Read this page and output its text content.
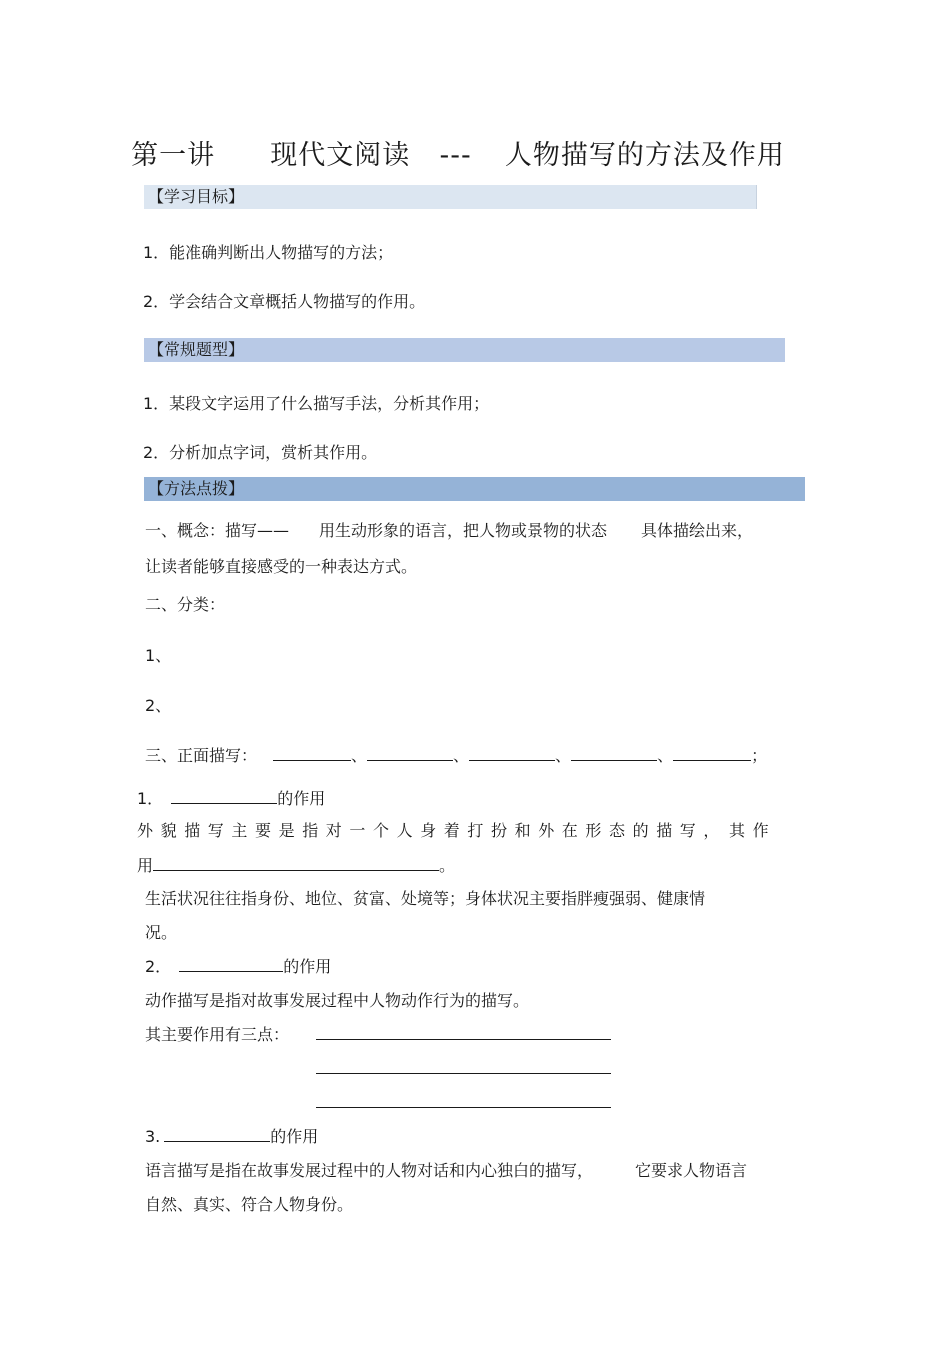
第一讲 现代文阅读 --- 人物描写的方法及作用
【学习目标】
1．能准确判断出人物描写的方法；
2．学会结合文章概括人物描写的作用。
【常规题型】
1．某段文字运用了什么描写手法，分析其作用；
2．分析加点字词，赏析其作用。
【方法点拨】
一、概念：描写—— 用生动形象的语言，把人物或景物的状态 具体描绘出来，
让读者能够直接感受的一种表达方式。
二、分类：
1、
2、
三、正面描写：	、	、	、	、	；
1．	的作用
外貌描写主要是指对一个人身着打扮和外在形态的描写， 其作
用	。
生活状况往往指身份、地位、贫富、处境等；身体状况主要指胖瘦强弱、健康情
况。
2．	的作用
动作描写是指对故事发展过程中人物动作行为的描写。
其主要作用有三点：
3.	的作用
语言描写是指在故事发展过程中的人物对话和内心独白的描写，	它要求人物语言
自然、真实、符合人物身份。
